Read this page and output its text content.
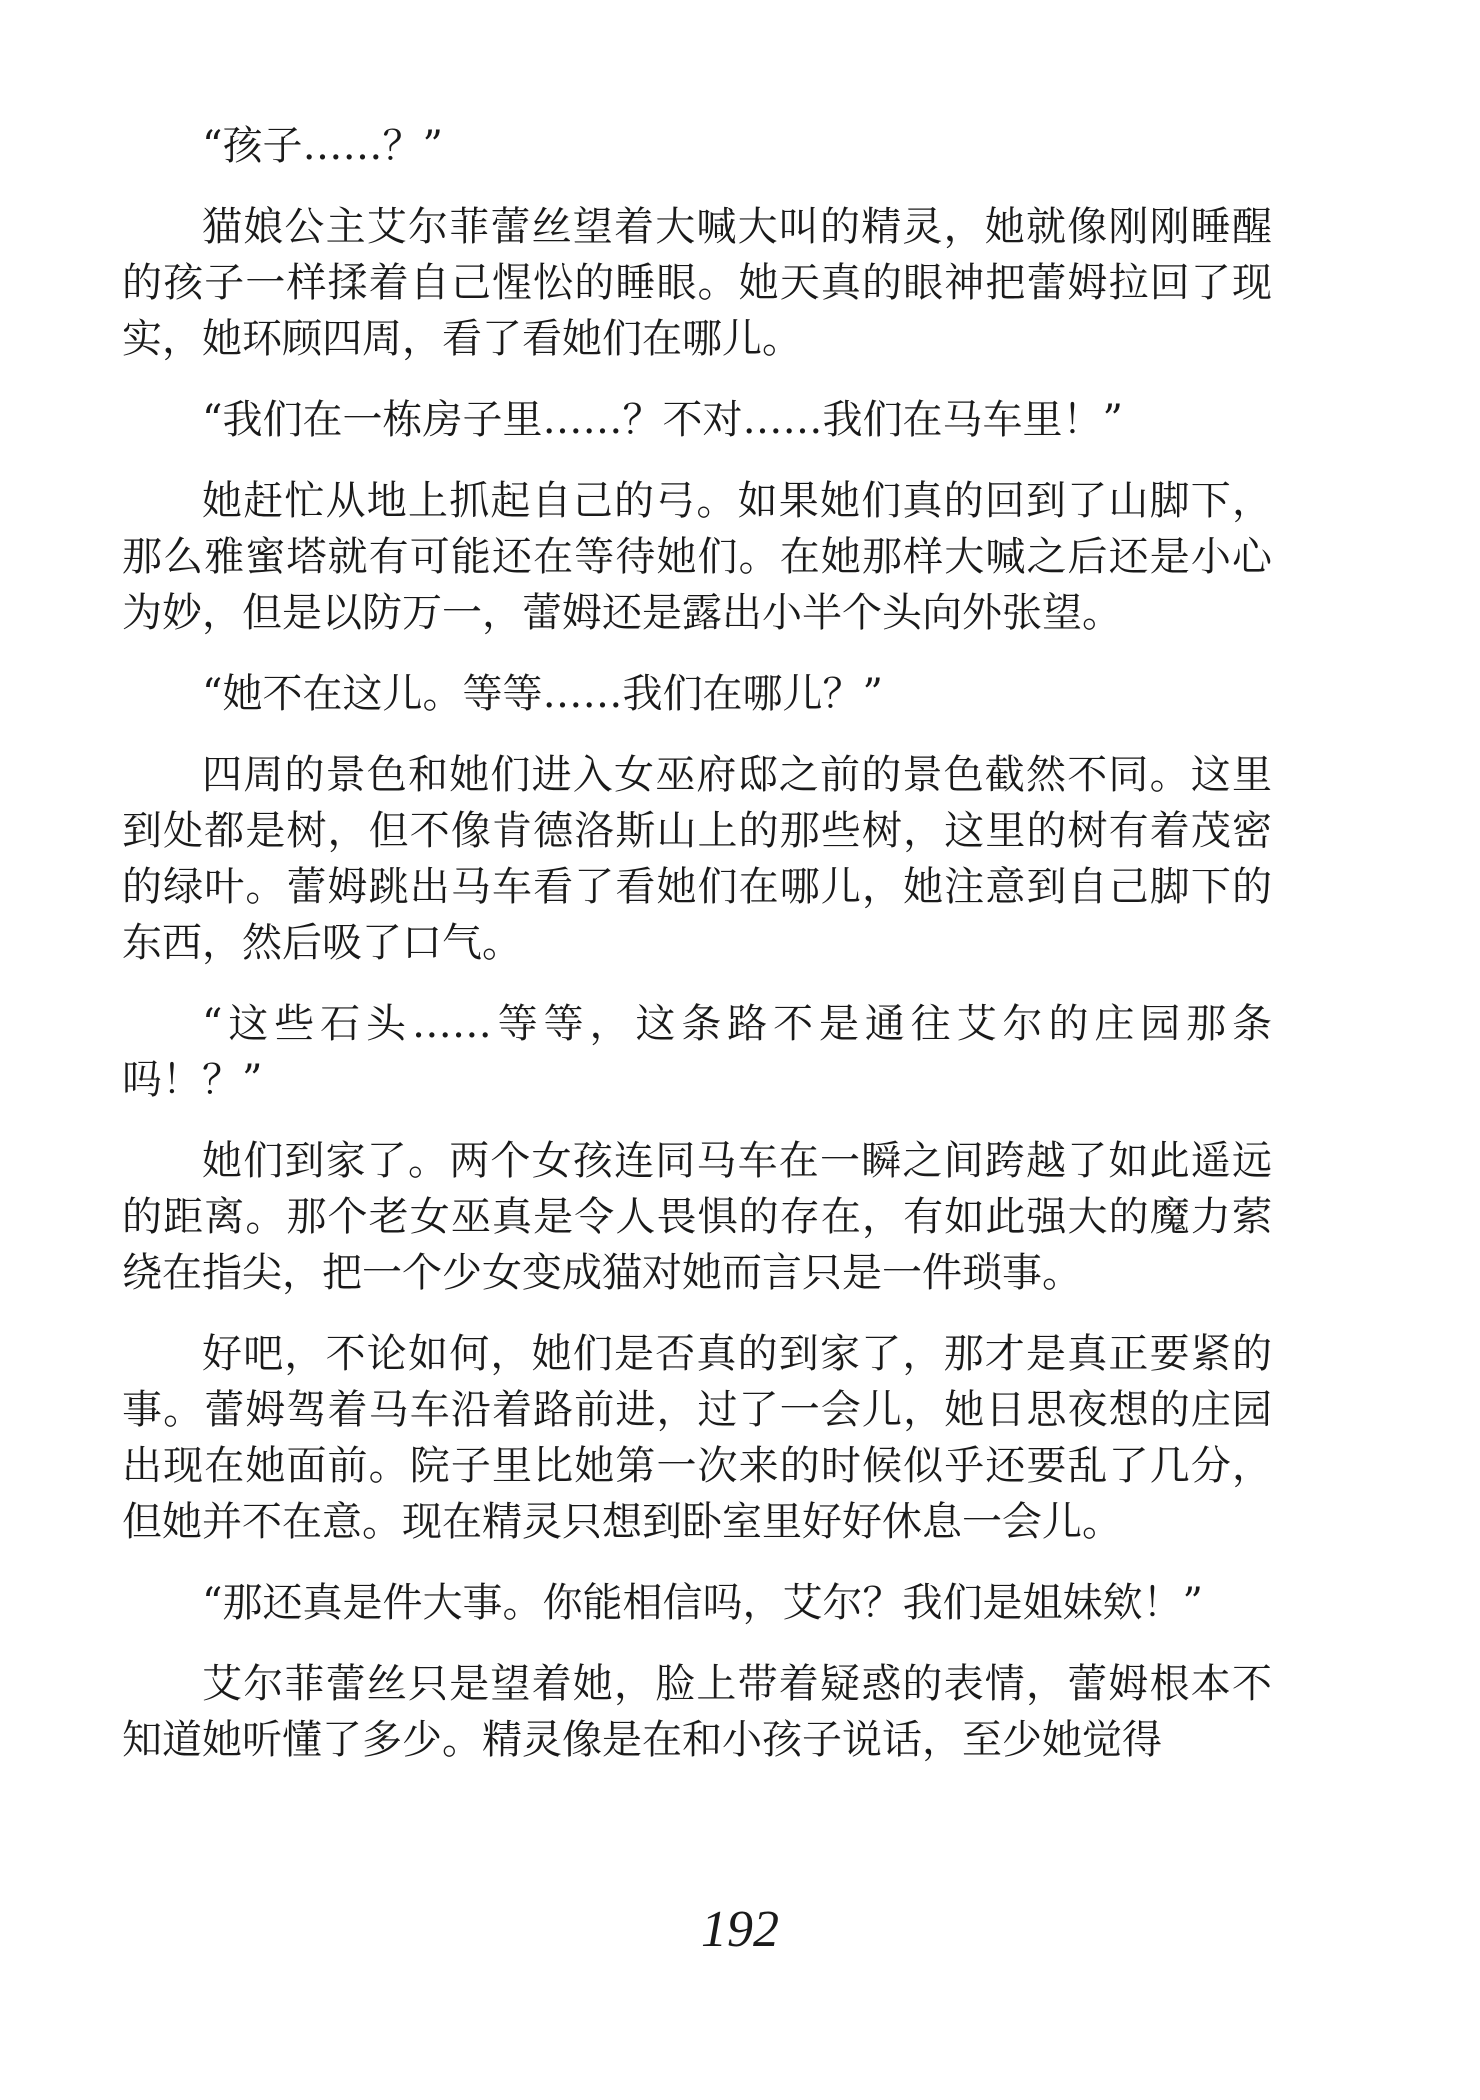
“孩子……？”

猫娘公主艾尔菲蕾丝望着大喊大叫的精灵，她就像刚刚睡醒的孩子一样揉着自己惺忪的睡眼。她天真的眼神把蕾姆拉回了现实，她环顾四周，看了看她们在哪儿。

“我们在一栋房子里……？不对……我们在马车里！”

她赶忙从地上抓起自己的弓。如果她们真的回到了山脚下，那么雅蜜塔就有可能还在等待她们。在她那样大喊之后还是小心为妙，但是以防万一，蕾姆还是露出小半个头向外张望。

“她不在这儿。等等……我们在哪儿？”

四周的景色和她们进入女巫府邸之前的景色截然不同。这里到处都是树，但不像肯德洛斯山上的那些树，这里的树有着茂密的绿叶。蕾姆跳出马车看了看她们在哪儿，她注意到自己脚下的东西，然后吸了口气。

“这些石头……等等，这条路不是通往艾尔的庄园那条吗！？”

她们到家了。两个女孩连同马车在一瞬之间跨越了如此遥远的距离。那个老女巫真是令人畏惧的存在，有如此强大的魔力萦绕在指尖，把一个少女变成猫对她而言只是一件琐事。

好吧，不论如何，她们是否真的到家了，那才是真正要紧的事。蕾姆驾着马车沿着路前进，过了一会儿，她日思夜想的庄园出现在她面前。院子里比她第一次来的时候似乎还要乱了几分，但她并不在意。现在精灵只想到卧室里好好休息一会儿。

“那还真是件大事。你能相信吗，艾尔？我们是姐妹欸！”

艾尔菲蕾丝只是望着她，脸上带着疑惑的表情，蕾姆根本不知道她听懂了多少。精灵像是在和小孩子说话，至少她觉得

192
